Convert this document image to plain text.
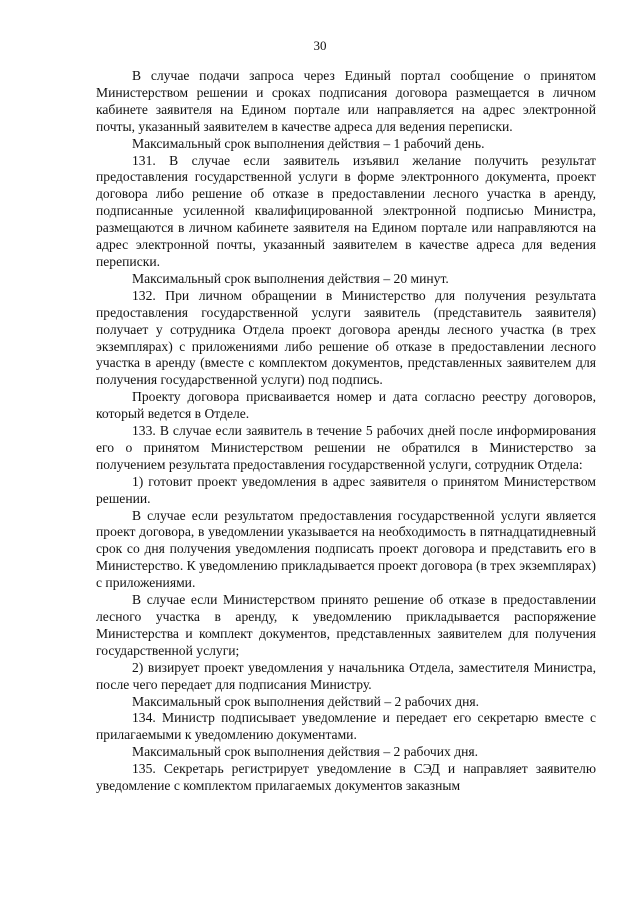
30

В случае подачи запроса через Единый портал сообщение о принятом Министерством решении и сроках подписания договора размещается в личном кабинете заявителя на Едином портале или направляется на адрес электронной почты, указанный заявителем в качестве адреса для ведения переписки.

Максимальный срок выполнения действия – 1 рабочий день.

131. В случае если заявитель изъявил желание получить результат предоставления государственной услуги в форме электронного документа, проект договора либо решение об отказе в предоставлении лесного участка в аренду, подписанные усиленной квалифицированной электронной подписью Министра, размещаются в личном кабинете заявителя на Едином портале или направляются на адрес электронной почты, указанный заявителем в качестве адреса для ведения переписки.

Максимальный срок выполнения действия – 20 минут.

132. При личном обращении в Министерство для получения результата предоставления государственной услуги заявитель (представитель заявителя) получает у сотрудника Отдела проект договора аренды лесного участка (в трех экземплярах) с приложениями либо решение об отказе в предоставлении лесного участка в аренду (вместе с комплектом документов, представленных заявителем для получения государственной услуги) под подпись.

Проекту договора присваивается номер и дата согласно реестру договоров, который ведется в Отделе.

133. В случае если заявитель в течение 5 рабочих дней после информирования его о принятом Министерством решении не обратился в Министерство за получением результата предоставления государственной услуги, сотрудник Отдела:

1) готовит проект уведомления в адрес заявителя о принятом Министерством решении.

В случае если результатом предоставления государственной услуги является проект договора, в уведомлении указывается на необходимость в пятнадцатидневный срок со дня получения уведомления подписать проект договора и представить его в Министерство. К уведомлению прикладывается проект договора (в трех экземплярах) с приложениями.

В случае если Министерством принято решение об отказе в предоставлении лесного участка в аренду, к уведомлению прикладывается распоряжение Министерства и комплект документов, представленных заявителем для получения государственной услуги;

2) визирует проект уведомления у начальника Отдела, заместителя Министра, после чего передает для подписания Министру.

Максимальный срок выполнения действий – 2 рабочих дня.

134. Министр подписывает уведомление и передает его секретарю вместе с прилагаемыми к уведомлению документами.

Максимальный срок выполнения действия – 2 рабочих дня.

135. Секретарь регистрирует уведомление в СЭД и направляет заявителю уведомление с комплектом прилагаемых документов заказным
